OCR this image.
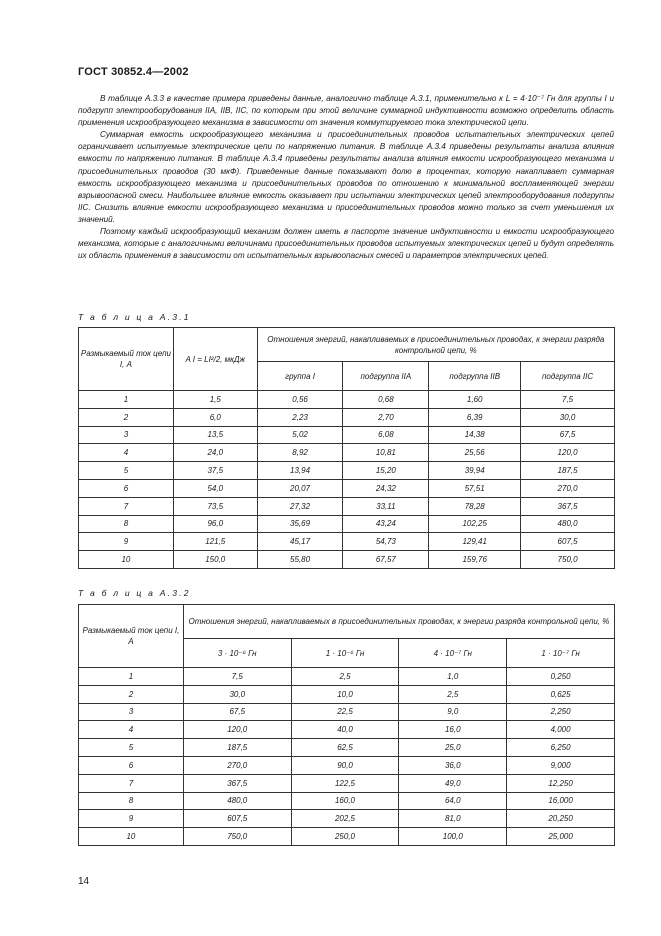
ГОСТ 30852.4—2002

В таблице А.3.3 в качестве примера приведены данные, аналогично таблице А.3.1, применительно к L = 4·10⁻⁷ Гн для группы I и подгрупп электрооборудования IIA, IIB, IIC, по которым при этой величине суммарной индуктивности возможно определить область применения искрообразующего механизма в зависимости от значения коммутируемого тока электрической цепи.

Суммарная емкость искрообразующего механизма и присоединительных проводов испытательных электрических цепей ограничивает испытуемые электрические цепи по напряжению питания. В таблице А.3.4 приведены результаты анализа влияния емкости по напряжению питания. В таблице А.3.4 приведены результаты анализа влияния емкости искрообразующего механизма и присоединительных проводов (30 мкФ). Приведенные данные показывают долю в процентах, которую накапливает суммарная емкость искрообразующего механизма и присоединительных проводов по отношению к минимальной воспламеняющей энергии взрывоопасной смеси. Наибольшее влияние емкость оказывает при испытании электрических цепей электрооборудования подгруппы IIC. Снизить влияние емкости искрообразующего механизма и присоединительных проводов можно только за счет уменьшения их значений.

Поэтому каждый искрообразующий механизм должен иметь в паспорте значение индуктивности и емкости искрообразующего механизма, которые с аналогичными величинами присоединительных проводов испытуемых электрических цепей и будут определять их область применения в зависимости от испытательных взрывоопасных смесей и параметров электрических цепей.

Т а б л и ц а А.3.1
Размыкаемый ток цепи I, А	A I = LI²/2, мкДж	Отношения энергий, накапливаемых в присоединительных проводах, к энергии разряда контрольной цепи, %			
		группа I	подгруппа IIA	подгруппа IIB	подгруппа IIC
1	1,5	0,56	0,68	1,60	7,5
2	6,0	2,23	2,70	6,39	30,0
3	13,5	5,02	6,08	14,38	67,5
4	24,0	8,92	10,81	25,56	120,0
5	37,5	13,94	15,20	39,94	187,5
6	54,0	20,07	24,32	57,51	270,0
7	73,5	27,32	33,11	78,28	367,5
8	96,0	35,69	43,24	102,25	480,0
9	121,5	45,17	54,73	129,41	607,5
10	150,0	55,80	67,57	159,76	750,0
Т а б л и ц а А.3.2
Размыкаемый ток цепи I, А	Отношения энергий, накапливаемых в присоединительных проводах, к энергии разряда контрольной цепи, %			
	3 · 10⁻⁶ Гн	1 · 10⁻⁶ Гн	4 · 10⁻⁷ Гн	1 · 10⁻⁷ Гн
1	7,5	2,5	1,0	0,250
2	30,0	10,0	2,5	0,625
3	67,5	22,5	9,0	2,250
4	120,0	40,0	16,0	4,000
5	187,5	62,5	25,0	6,250
6	270,0	90,0	36,0	9,000
7	367,5	122,5	49,0	12,250
8	480,0	160,0	64,0	16,000
9	607,5	202,5	81,0	20,250
10	750,0	250,0	100,0	25,000
14
